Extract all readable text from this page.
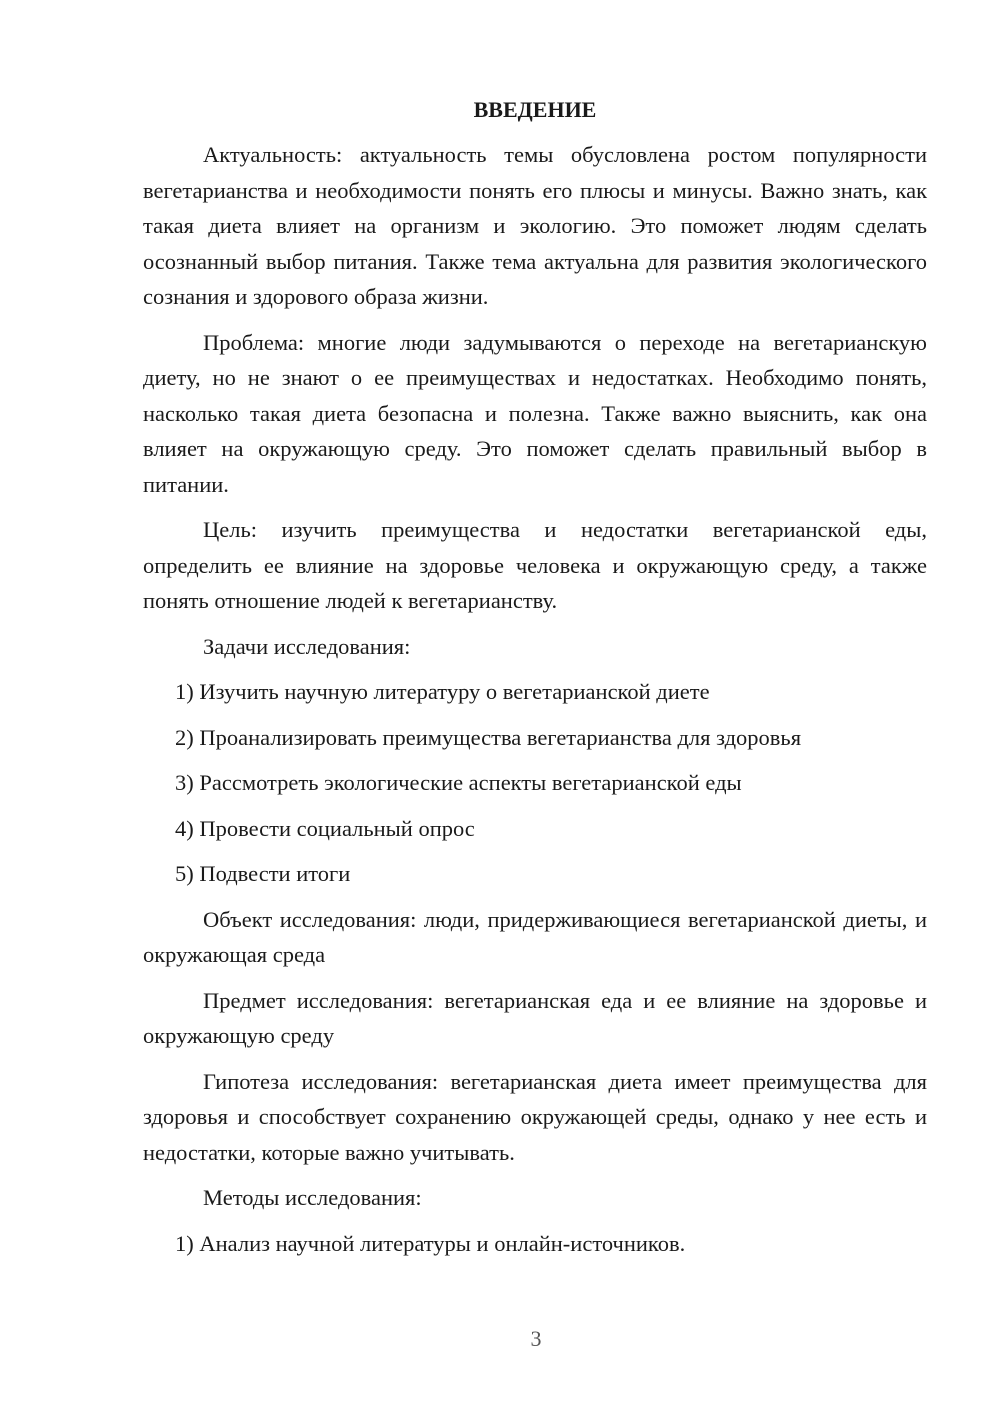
ВВЕДЕНИЕ
Актуальность: актуальность темы обусловлена ростом популярности вегетарианства и необходимости понять его плюсы и минусы. Важно знать, как такая диета влияет на организм и экологию. Это поможет людям сделать осознанный выбор питания. Также тема актуальна для развития экологического сознания и здорового образа жизни.
Проблема: многие люди задумываются о переходе на вегетарианскую диету, но не знают о ее преимуществах и недостатках. Необходимо понять, насколько такая диета безопасна и полезна. Также важно выяснить, как она влияет на окружающую среду. Это поможет сделать правильный выбор в питании.
Цель: изучить преимущества и недостатки вегетарианской еды, определить ее влияние на здоровье человека и окружающую среду, а также понять отношение людей к вегетарианству.
Задачи исследования:
1) Изучить научную литературу о вегетарианской диете
2) Проанализировать преимущества вегетарианства для здоровья
3) Рассмотреть экологические аспекты вегетарианской еды
4) Провести социальный опрос
5) Подвести итоги
Объект исследования: люди, придерживающиеся вегетарианской диеты, и окружающая среда
Предмет исследования: вегетарианская еда и ее влияние на здоровье и окружающую среду
Гипотеза исследования: вегетарианская диета имеет преимущества для здоровья и способствует сохранению окружающей среды, однако у нее есть и недостатки, которые важно учитывать.
Методы исследования:
1) Анализ научной литературы и онлайн-источников.
3
